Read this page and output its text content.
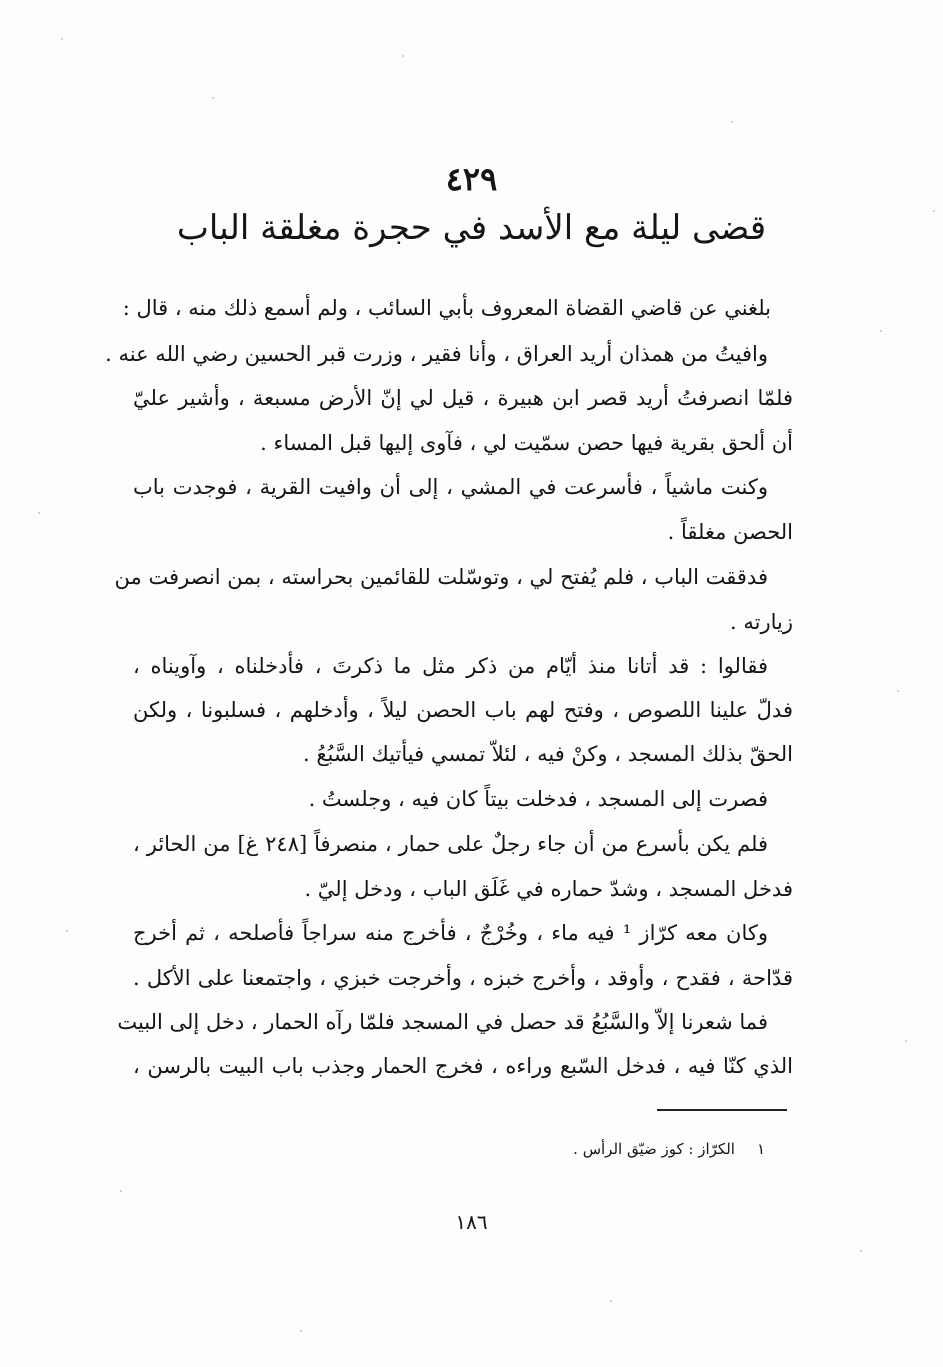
٤٢٩
قضى ليلة مع الأسد في حجرة مغلقة الباب
بلغني عن قاضي القضاة المعروف بأبي السائب ، ولم أسمع ذلك منه ، قال :
وافيتُ من همذان أريد العراق ، وأنا فقير ، وزرت قبر الحسين رضي الله عنه .
فلمّا انصرفتُ أريد قصر ابن هبيرة ، قيل لي إنّ الأرض مسبعة ، وأشير عليّ
أن ألحق بقرية فيها حصن سمّيت لي ، فآوى إليها قبل المساء .
وكنت ماشياً ، فأسرعت في المشي ، إلى أن وافيت القرية ، فوجدت باب
الحصن مغلقاً .
فدققت الباب ، فلم يُفتح لي ، وتوسّلت للقائمين بحراسته ، بمن انصرفت من
زيارته .
فقالوا : قد أتانا منذ أيّام من ذكر مثل ما ذكرتَ ، فأدخلناه ، وآويناه ،
فدلّ علينا اللصوص ، وفتح لهم باب الحصن ليلاً ، وأدخلهم ، فسلبونا ، ولكن
الحقّ بذلك المسجد ، وكنْ فيه ، لئلاّ تمسي فيأتيك السَّبُعُ .
فصرت إلى المسجد ، فدخلت بيتاً كان فيه ، وجلستُ .
فلم يكن بأسرع من أن جاء رجلٌ على حمار ، منصرفاً [٢٤٨ غ] من الحائر ،
فدخل المسجد ، وشدّ حماره في غَلَق الباب ، ودخل إليّ .
وكان معه كرّاز ¹ فيه ماء ، وخُرْجٌ ، فأخرج منه سراجاً فأصلحه ، ثم أخرج
قدّاحة ، فقدح ، وأوقد ، وأخرج خبزه ، وأخرجت خبزي ، واجتمعنا على الأكل .
فما شعرنا إلاّ والسَّبُعُ قد حصل في المسجد فلمّا رآه الحمار ، دخل إلى البيت
الذي كنّا فيه ، فدخل السّبع وراءه ، فخرج الحمار وجذب باب البيت بالرسن ،
١الكرّاز : كوز ضيّق الرأس .
١٨٦
